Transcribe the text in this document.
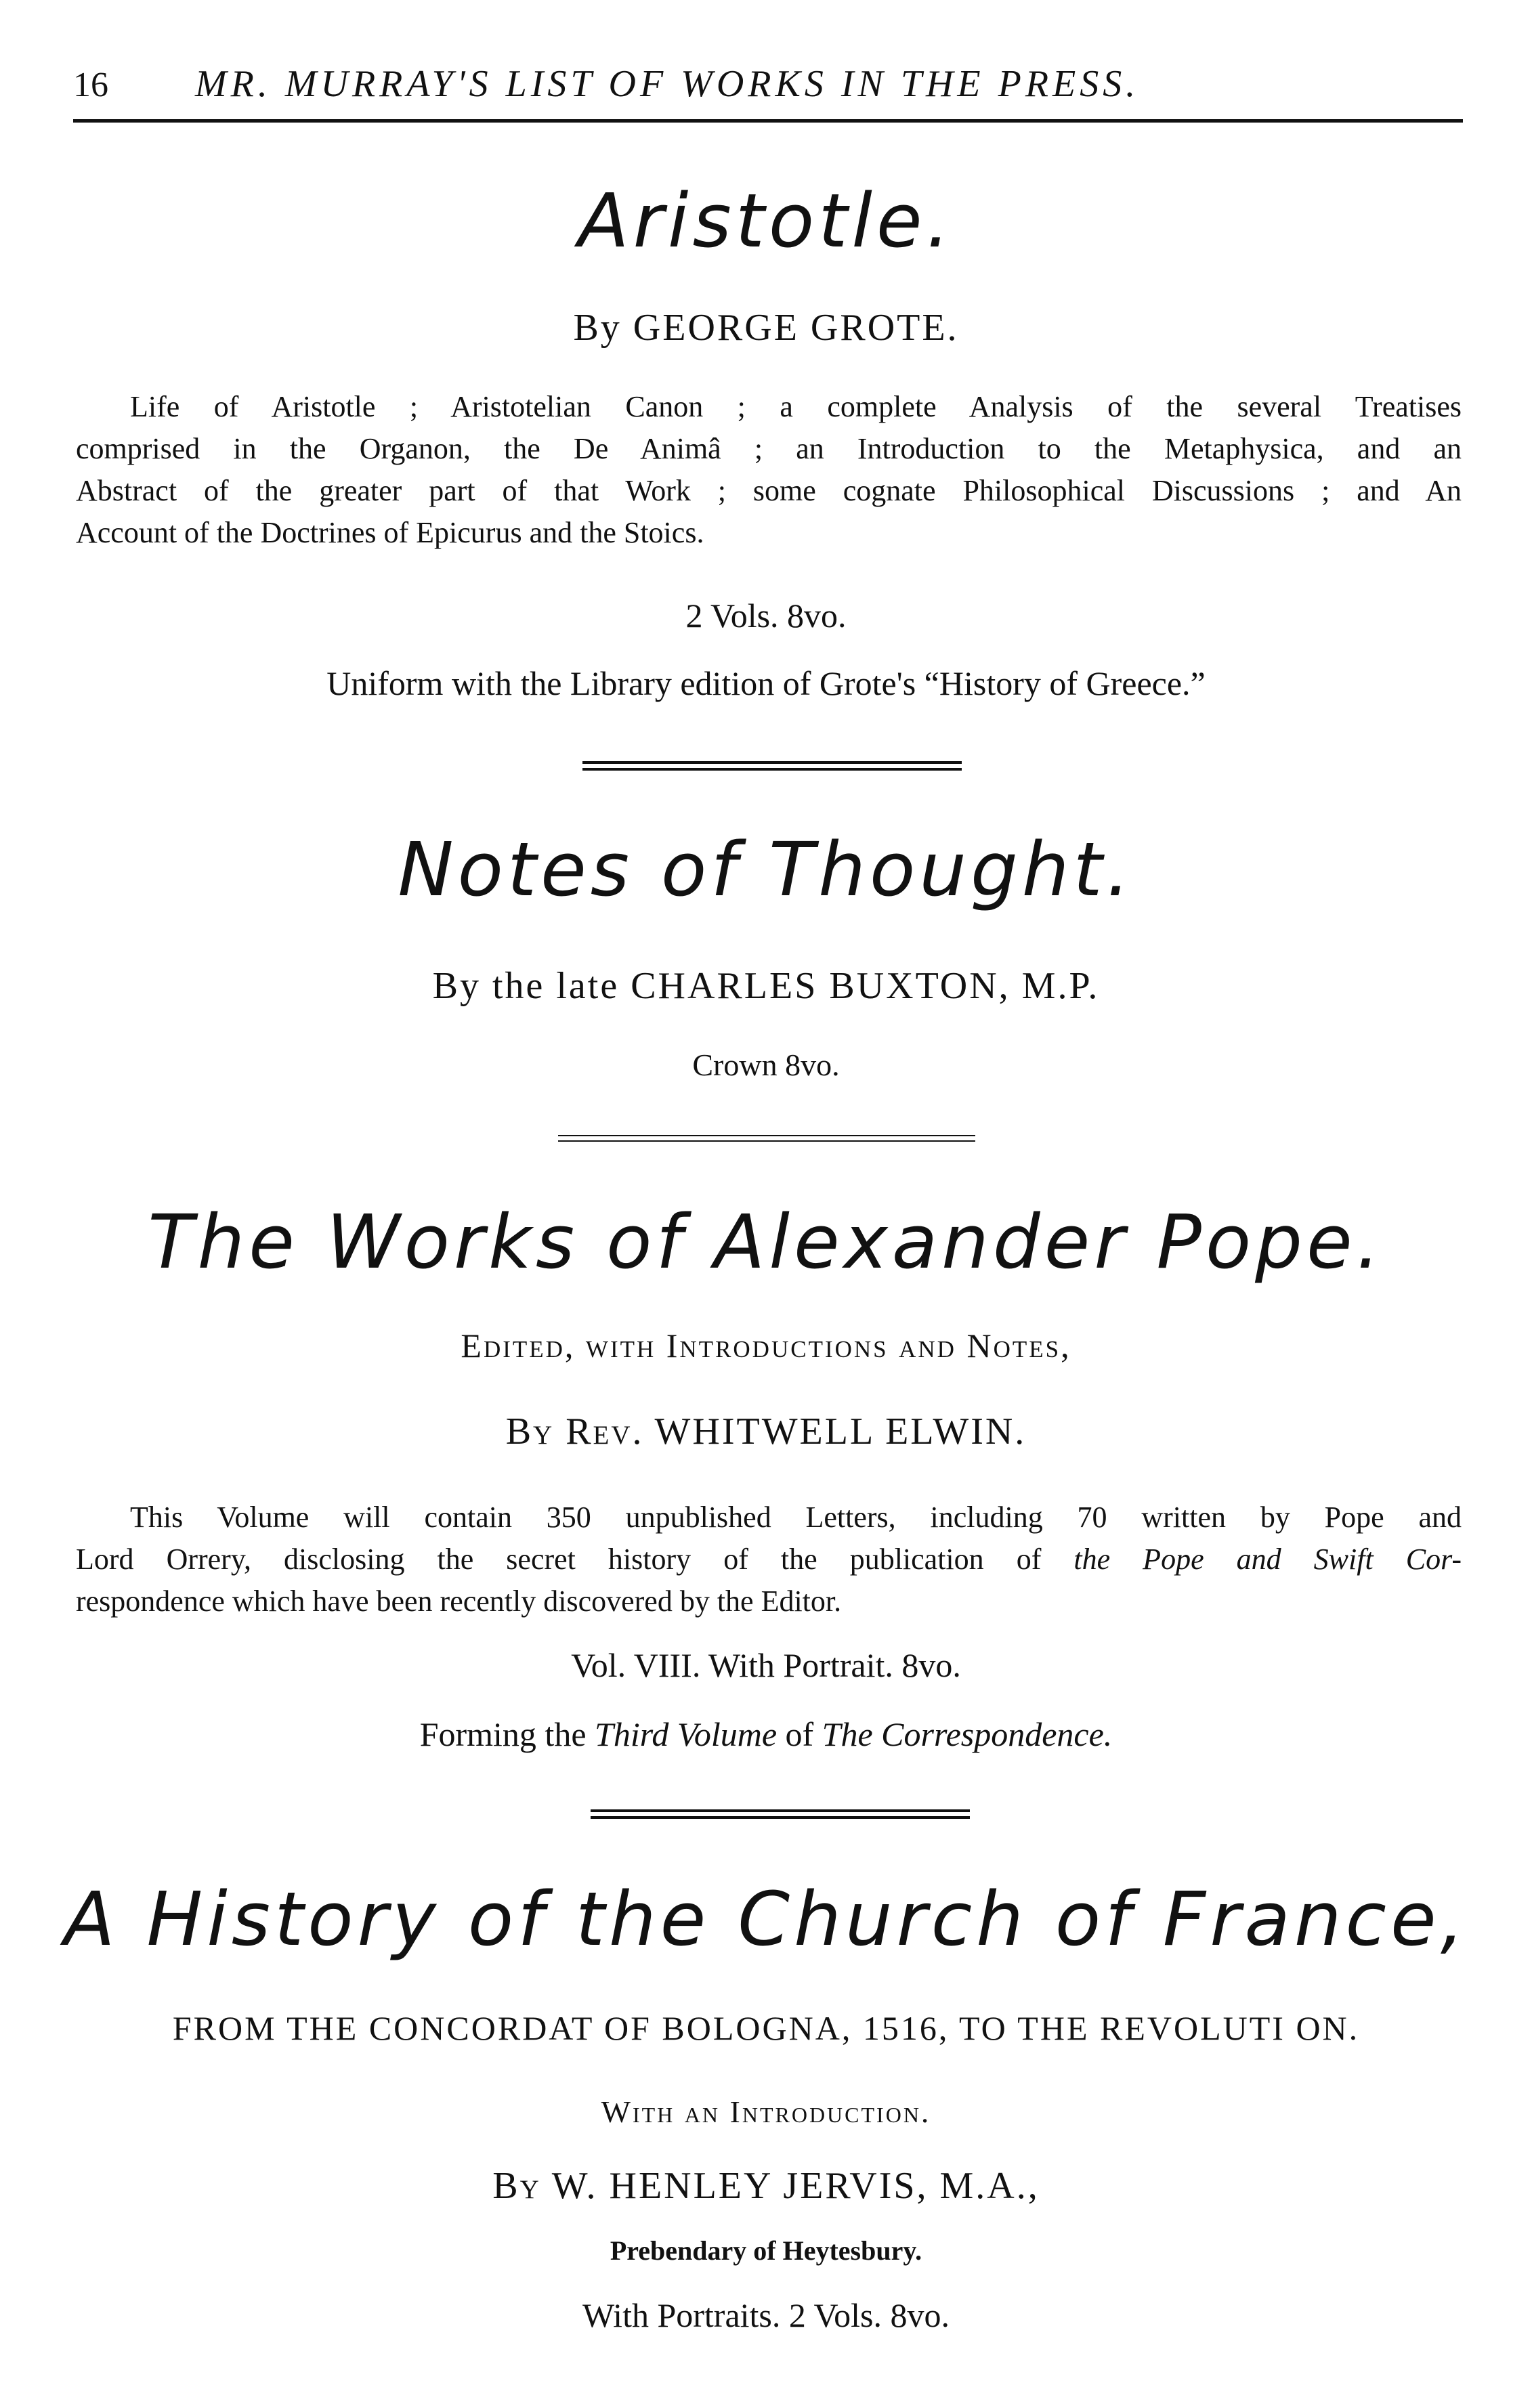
16 MR. MURRAY'S LIST OF WORKS IN THE PRESS.
Aristotle.
By GEORGE GROTE.
Life of Aristotle ; Aristotelian Canon ; a complete Analysis of the several Treatises
comprised in the Organon, the De Animâ ; an Introduction to the Metaphysica, and an
Abstract of the greater part of that Work ; some cognate Philosophical Discussions ; and An
Account of the Doctrines of Epicurus and the Stoics.
2 Vols. 8vo.
Uniform with the Library edition of Grote's “History of Greece.”
Notes of Thought.
By the late CHARLES BUXTON, M.P.
Crown 8vo.
The Works of Alexander Pope.
Edited, with Introductions and Notes,
By Rev. WHITWELL ELWIN.
This Volume will contain 350 unpublished Letters, including 70 written by Pope and
Lord Orrery, disclosing the secret history of the publication of the Pope and Swift Cor-
respondence which have been recently discovered by the Editor.
Vol. VIII. With Portrait. 8vo.
Forming the Third Volume of The Correspondence.
A History of the Church of France,
FROM THE CONCORDAT OF BOLOGNA, 1516, TO THE REVOLUTI ON.
With an Introduction.
By W. HENLEY JERVIS, M.A.,
Prebendary of Heytesbury.
With Portraits. 2 Vols. 8vo.
